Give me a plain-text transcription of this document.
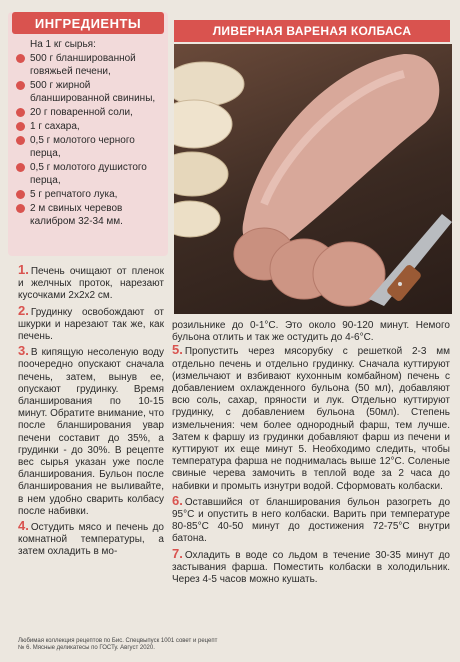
ИНГРЕДИЕНТЫ
На 1 кг сырья:
500 г бланшированной говяжьей печени,
500 г жирной бланшированной свинины,
20 г поваренной соли,
1 г сахара,
0,5 г молотого черного перца,
0,5 г молотого душистого перца,
5 г репчатого лука,
2 м свиных черевов калибром 32-34 мм.
ЛИВЕРНАЯ ВАРЕНАЯ КОЛБАСА
1. Печень очищают от пленок и желчных проток, нарезают кусочками 2х2х2 см.
2. Грудинку освобождают от шкурки и нарезают так же, как печень.
3. В кипящую несоленую воду поочередно опускают сначала печень, затем, вынув ее, опускают грудинку. Время бланширования по 10-15 минут. Обратите внимание, что после бланширования увар печени составит до 35%, а грудинки - до 30%. В рецепте вес сырья указан уже после бланширования. Бульон после бланширования не выливайте, в нем удобно сварить колбасу после набивки.
4. Остудить мясо и печень до комнатной температуры, а затем охладить в мо-
розильнике до 0-1°С. Это около 90-120 минут. Немого бульона отлить и так же остудить до 4-6°С.
5. Пропустить через мясорубку с решеткой 2-3 мм отдельно печень и отдельно грудинку. Сначала куттируют (измельчают и взбивают кухонным комбайном) печень с добавлением охлажденного бульона (50 мл), добавляют всю соль, сахар, пряности и лук. Отдельно куттируют грудинку, с добавлением бульона (50мл). Степень измельчения: чем более однородный фарш, тем лучше. Затем к фаршу из грудинки добавляют фарш из печени и куттируют их еще минут 5. Необходимо следить, чтобы температура фарша не поднималась выше 12°С. Соленые свиные черева замочить в теплой воде за 2 часа до набивки и промыть изнутри водой. Сформовать колбаски.
6. Оставшийся от бланширования бульон разогреть до 95°С и опустить в него колбаски. Варить при температуре 80-85°С 40-50 минут до достижения 72-75°С внутри батона.
7. Охладить в воде со льдом в течение 30-35 минут до застывания фарша. Поместить колбаски в холодильник. Через 4-5 часов можно кушать.
Любимая коллекция рецептов по Бис. Спецвыпуск 1001 совет и рецепт № 6. Мясные деликатесы по ГОСТу. Август 2020.
